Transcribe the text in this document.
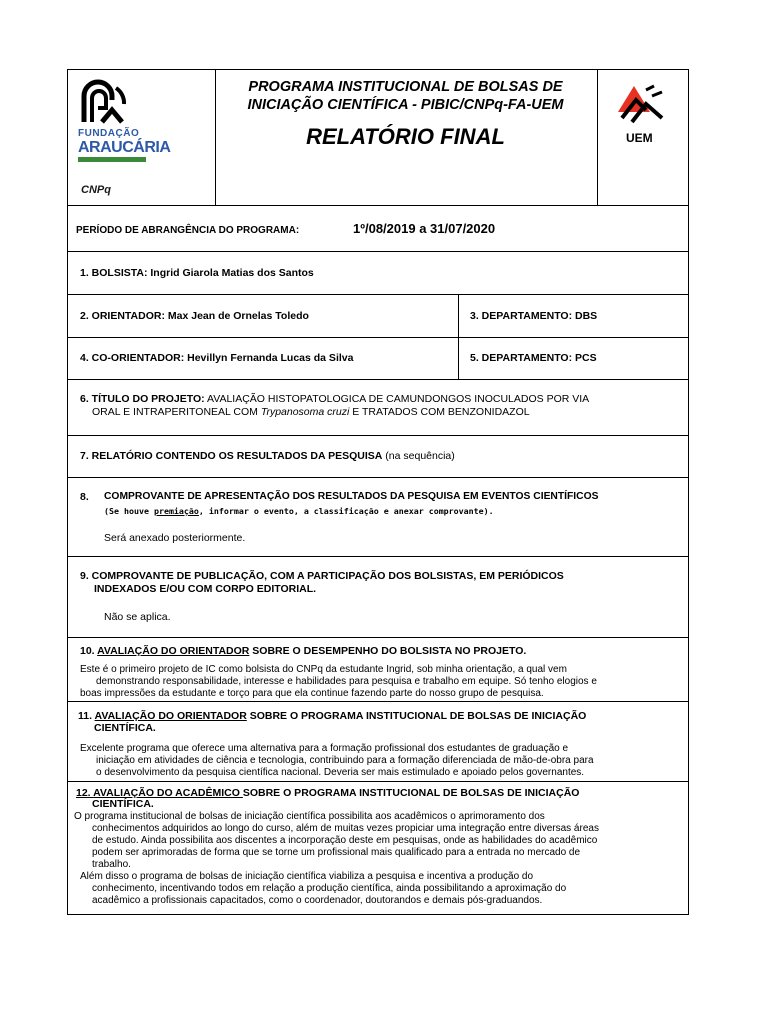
FUNDAÇÃO
ARAUCÁRIA
CNPq
PROGRAMA INSTITUCIONAL DE BOLSAS DE
INICIAÇÃO CIENTÍFICA - PIBIC/CNPq-FA-UEM
RELATÓRIO FINAL	UEM
PERÍODO DE ABRANGÊNCIA DO PROGRAMA:	1º/08/2019 a 31/07/2020
1. BOLSISTA: Ingrid Giarola Matias dos Santos
2. ORIENTADOR: Max Jean de Ornelas Toledo	3. DEPARTAMENTO: DBS
4. CO-ORIENTADOR: Hevillyn Fernanda Lucas da Silva	5. DEPARTAMENTO: PCS
6. TÍTULO DO PROJETO: AVALIAÇÃO HISTOPATOLOGICA DE CAMUNDONGOS INOCULADOS POR VIA
ORAL E INTRAPERITONEAL COM Trypanosoma cruzi E TRATADOS COM BENZONIDAZOL
7. RELATÓRIO CONTENDO OS RESULTADOS DA PESQUISA (na sequência)
8. COMPROVANTE DE APRESENTAÇÃO DOS RESULTADOS DA PESQUISA EM EVENTOS CIENTÍFICOS
(Se houve premiação, informar o evento, a classificação e anexar comprovante).
Será anexado posteriormente.
9. COMPROVANTE DE PUBLICAÇÃO, COM A PARTICIPAÇÃO DOS BOLSISTAS, EM PERIÓDICOS
INDEXADOS E/OU COM CORPO EDITORIAL.
Não se aplica.
10. AVALIAÇÃO DO ORIENTADOR SOBRE O DESEMPENHO DO BOLSISTA NO PROJETO.
Este é o primeiro projeto de IC como bolsista do CNPq da estudante Ingrid, sob minha orientação, a qual vem
demonstrando responsabilidade, interesse e habilidades para pesquisa e trabalho em equipe. Só tenho elogios e
boas impressões da estudante e torço para que ela continue fazendo parte do nosso grupo de pesquisa.
11. AVALIAÇÃO DO ORIENTADOR SOBRE O PROGRAMA INSTITUCIONAL DE BOLSAS DE INICIAÇÃO
CIENTÍFICA.
Excelente programa que oferece uma alternativa para a formação profissional dos estudantes de graduação e
iniciação em atividades de ciência e tecnologia, contribuindo para a formação diferenciada de mão-de-obra para
o desenvolvimento da pesquisa científica nacional. Deveria ser mais estimulado e apoiado pelos governantes.
12. AVALIAÇÃO DO ACADÊMICO SOBRE O PROGRAMA INSTITUCIONAL DE BOLSAS DE INICIAÇÃO
CIENTÍFICA.
O programa institucional de bolsas de iniciação científica possibilita aos acadêmicos o aprimoramento dos
conhecimentos adquiridos ao longo do curso, além de muitas vezes propiciar uma integração entre diversas áreas
de estudo. Ainda possibilita aos discentes a incorporação deste em pesquisas, onde as habilidades do acadêmico
podem ser aprimoradas de forma que se torne um profissional mais qualificado para a entrada no mercado de
trabalho.
Além disso o programa de bolsas de iniciação científica viabiliza a pesquisa e incentiva a produção do
conhecimento, incentivando todos em relação a produção científica, ainda possibilitando a aproximação do
acadêmico a profissionais capacitados, como o coordenador, doutorandos e demais pós-graduandos.
